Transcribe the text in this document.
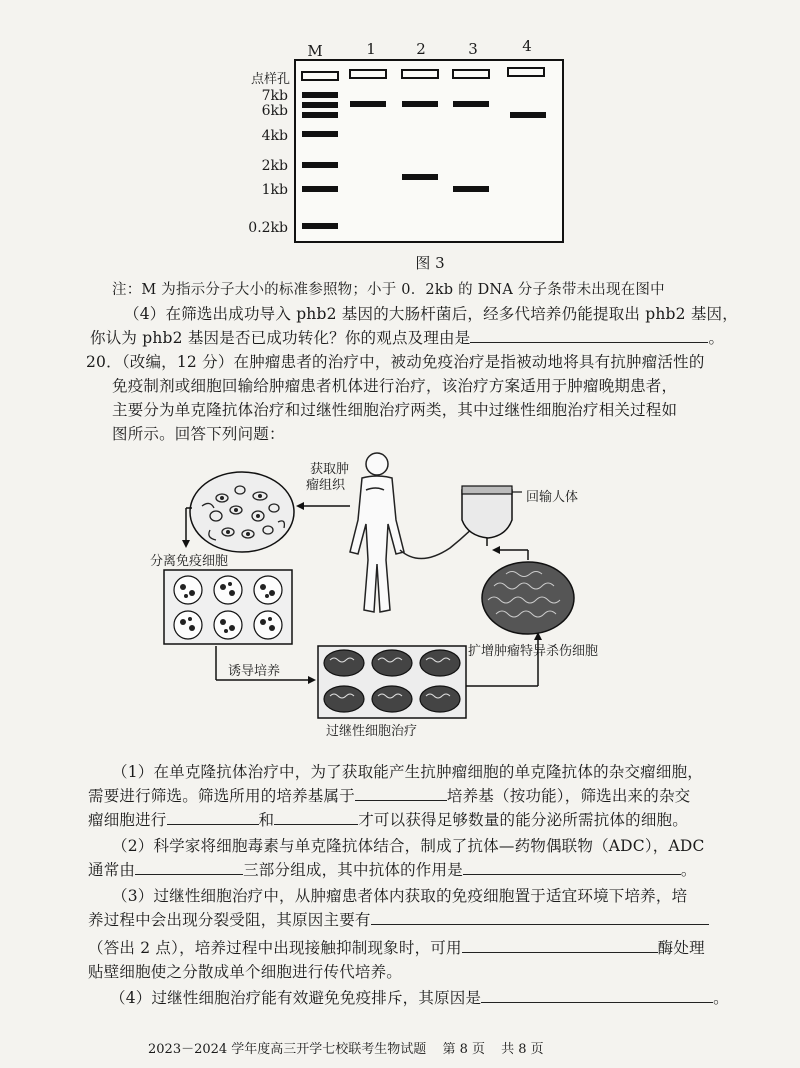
M	1	2	3	4
点样孔
7kb
6kb
4kb
2kb
1kb
0.2kb
图 3
注：M 为指示分子大小的标准参照物；小于 0．2kb 的 DNA 分子条带未出现在图中
（4）在筛选出成功导入 phb2 基因的大肠杆菌后，经多代培养仍能提取出 phb2 基因，
你认为 phb2 基因是否已成功转化？你的观点及理由是	。
20．（改编，12 分）在肿瘤患者的治疗中，被动免疫治疗是指被动地将具有抗肿瘤活性的
免疫制剂或细胞回输给肿瘤患者机体进行治疗，该治疗方案适用于肿瘤晚期患者，
主要分为单克隆抗体治疗和过继性细胞治疗两类，其中过继性细胞治疗相关过程如
图所示。回答下列问题：
获取肿
瘤组织
回输人体
分离免疫细胞
诱导培养
过继性细胞治疗
扩增肿瘤特异杀伤细胞
（1）在单克隆抗体治疗中，为了获取能产生抗肿瘤细胞的单克隆抗体的杂交瘤细胞，
需要进行筛选。筛选所用的培养基属于	培养基（按功能），筛选出来的杂交
瘤细胞进行	和	才可以获得足够数量的能分泌所需抗体的细胞。
（2）科学家将细胞毒素与单克隆抗体结合，制成了抗体—药物偶联物（ADC），ADC
通常由	三部分组成，其中抗体的作用是	。
（3）过继性细胞治疗中，从肿瘤患者体内获取的免疫细胞置于适宜环境下培养，培
养过程中会出现分裂受阻，其原因主要有
（答出 2 点），培养过程中出现接触抑制现象时，可用	酶处理
贴壁细胞使之分散成单个细胞进行传代培养。
（4）过继性细胞治疗能有效避免免疫排斥，其原因是	。
2023－2024 学年度高三开学七校联考生物试题 第 8 页 共 8 页
